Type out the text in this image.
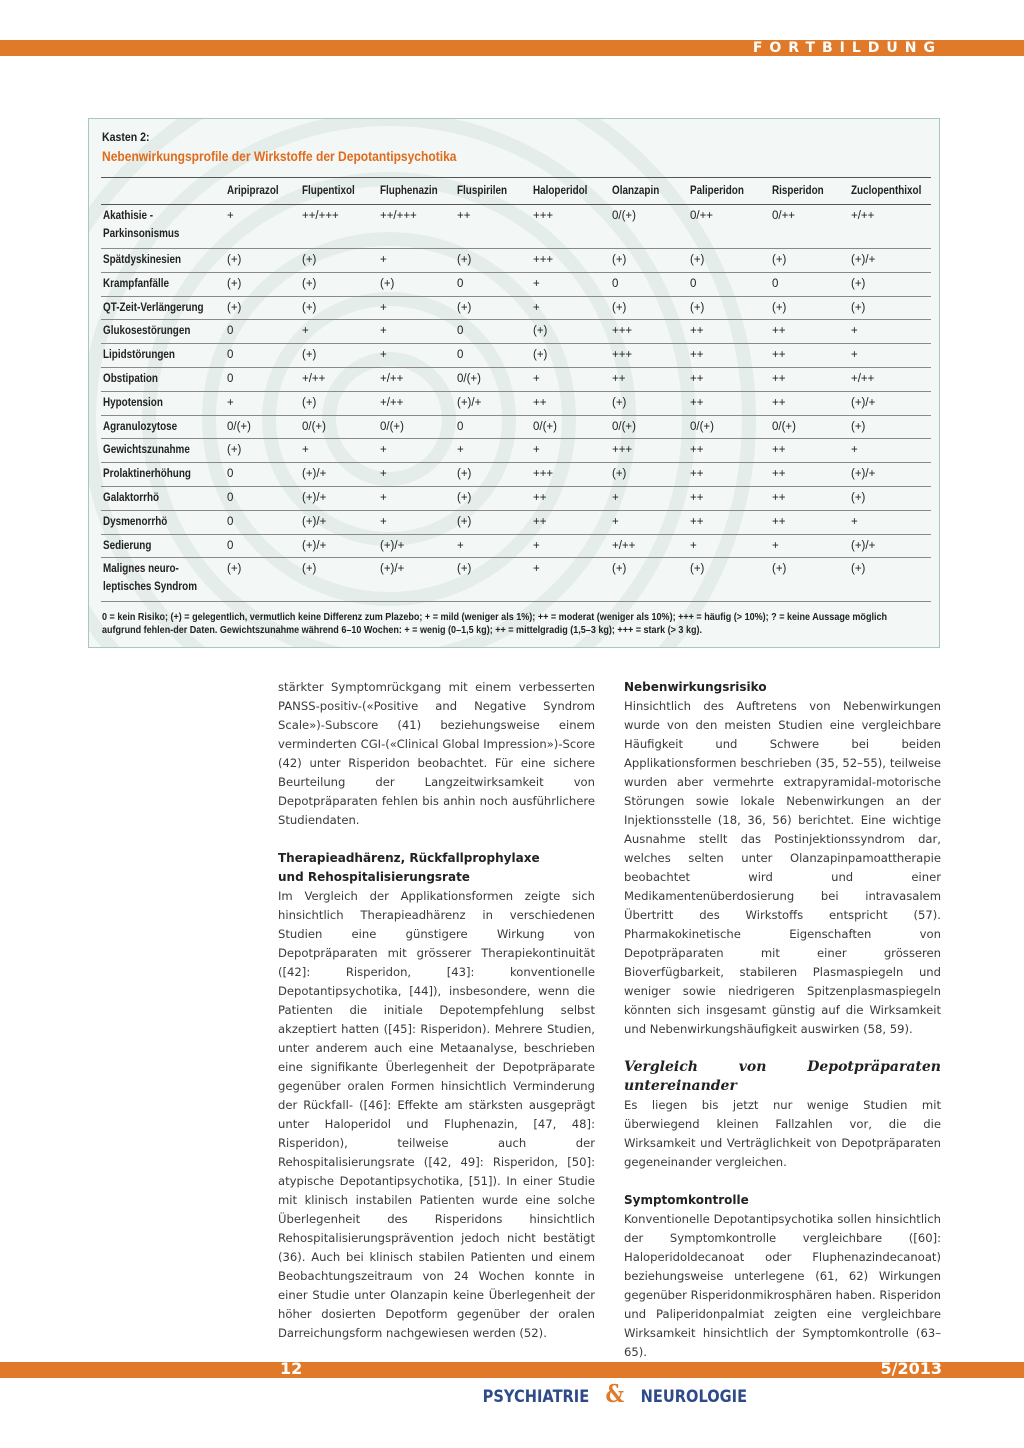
FORTBILDUNG
Kasten 2:
Nebenwirkungsprofile der Wirkstoffe der Depotantipsychotika
	Aripiprazol	Flupentixol	Fluphenazin	Fluspirilen	Haloperidol	Olanzapin	Paliperidon	Risperidon	Zuclopenthixol
Akathisie - Parkinsonismus	+	++/+++	++/+++	++	+++	0/(+)	0/++	0/++	+/++
Spätdyskinesien	(+)	(+)	+	(+)	+++	(+)	(+)	(+)	(+)/+
Krampfanfälle	(+)	(+)	(+)	0	+	0	0	0	(+)
QT-Zeit-Verlängerung	(+)	(+)	+	(+)	+	(+)	(+)	(+)	(+)
Glukosestörungen	0	+	+	0	(+)	+++	++	++	+
Lipidstörungen	0	(+)	+	0	(+)	+++	++	++	+
Obstipation	0	+/++	+/++	0/(+)	+	++	++	++	+/++
Hypotension	+	(+)	+/++	(+)/+	++	(+)	++	++	(+)/+
Agranulozytose	0/(+)	0/(+)	0/(+)	0	0/(+)	0/(+)	0/(+)	0/(+)	(+)
Gewichtszunahme	(+)	+	+	+	+	+++	++	++	+
Prolaktinerhöhung	0	(+)/+	+	(+)	+++	(+)	++	++	(+)/+
Galaktorrhö	0	(+)/+	+	(+)	++	+	++	++	(+)
Dysmenorrhö	0	(+)/+	+	(+)	++	+	++	++	+
Sedierung	0	(+)/+	(+)/+	+	+	+/++	+	+	(+)/+
Malignes neuro-leptisches Syndrom	(+)	(+)	(+)/+	(+)	+	(+)	(+)	(+)	(+)
0 = kein Risiko; (+) = gelegentlich, vermutlich keine Differenz zum Plazebo; + = mild (weniger als 1%); ++ = moderat (weniger als 10%); +++ = häufig (> 10%); ? = keine Aussage möglich aufgrund fehlen-der Daten. Gewichtszunahme während 6–10 Wochen: + = wenig (0–1,5 kg); ++ = mittelgradig (1,5–3 kg); +++ = stark (> 3 kg).

stärkter Symptomrückgang mit einem verbesserten PANSS-positiv-(«Positive and Negative Syndrom Scale»)-Subscore (41) beziehungsweise einem verminderten CGI-(«Clinical Global Impression»)-Score (42) unter Risperidon beobachtet. Für eine sichere Beurteilung der Langzeitwirksamkeit von Depotpräparaten fehlen bis anhin noch ausführlichere Studiendaten.

Therapieadhärenz, Rückfallprophylaxe
und Rehospitalisierungsrate

Im Vergleich der Applikationsformen zeigte sich hinsichtlich Therapieadhärenz in verschiedenen Studien eine günstigere Wirkung von Depotpräparaten mit grösserer Therapiekontinuität ([42]: Risperidon, [43]: konventionelle Depotantipsychotika, [44]), insbesondere, wenn die Patienten die initiale Depotempfehlung selbst akzeptiert hatten ([45]: Risperidon). Mehrere Studien, unter anderem auch eine Metaanalyse, beschrieben eine signifikante Überlegenheit der Depotpräparate gegenüber oralen Formen hinsichtlich Verminderung der Rückfall- ([46]: Effekte am stärksten ausgeprägt unter Haloperidol und Fluphenazin, [47, 48]: Risperidon), teilweise auch der Rehospitalisierungsrate ([42, 49]: Risperidon, [50]: atypische Depotantipsychotika, [51]). In einer Studie mit klinisch instabilen Patienten wurde eine solche Überlegenheit des Risperidons hinsichtlich Rehospitalisierungsprävention jedoch nicht bestätigt (36). Auch bei klinisch stabilen Patienten und einem Beobachtungszeitraum von 24 Wochen konnte in einer Studie unter Olanzapin keine Überlegenheit der höher dosierten Depotform gegenüber der oralen Darreichungsform nachgewiesen werden (52).

Nebenwirkungsrisiko

Hinsichtlich des Auftretens von Nebenwirkungen wurde von den meisten Studien eine vergleichbare Häufigkeit und Schwere bei beiden Applikationsformen beschrieben (35, 52–55), teilweise wurden aber vermehrte extrapyramidal-motorische Störungen sowie lokale Nebenwirkungen an der Injektionsstelle (18, 36, 56) berichtet. Eine wichtige Ausnahme stellt das Postinjektionssyndrom dar, welches selten unter Olanzapinpamoattherapie beobachtet wird und einer Medikamentenüberdosierung bei intravasalem Übertritt des Wirkstoffs entspricht (57). Pharmakokinetische Eigenschaften von Depotpräparaten mit einer grösseren Bioverfügbarkeit, stabileren Plasmaspiegeln und weniger sowie niedrigeren Spitzenplasmaspiegeln könnten sich insgesamt günstig auf die Wirksamkeit und Nebenwirkungshäufigkeit auswirken (58, 59).

Vergleich von Depotpräparaten untereinander

Es liegen bis jetzt nur wenige Studien mit überwiegend kleinen Fallzahlen vor, die die Wirksamkeit und Verträglichkeit von Depotpräparaten gegeneinander vergleichen.

Symptomkontrolle

Konventionelle Depotantipsychotika sollen hinsichtlich der Symptomkontrolle vergleichbare ([60]: Haloperidoldecanoat oder Fluphenazindecanoat) beziehungsweise unterlegene (61, 62) Wirkungen gegenüber Risperidonmikrosphären haben. Risperidon und Paliperidonpalmiat zeigten eine vergleichbare Wirksamkeit hinsichtlich der Symptomkontrolle (63–65).

12	5/2013
PSYCHIATRIE & NEUROLOGIE
